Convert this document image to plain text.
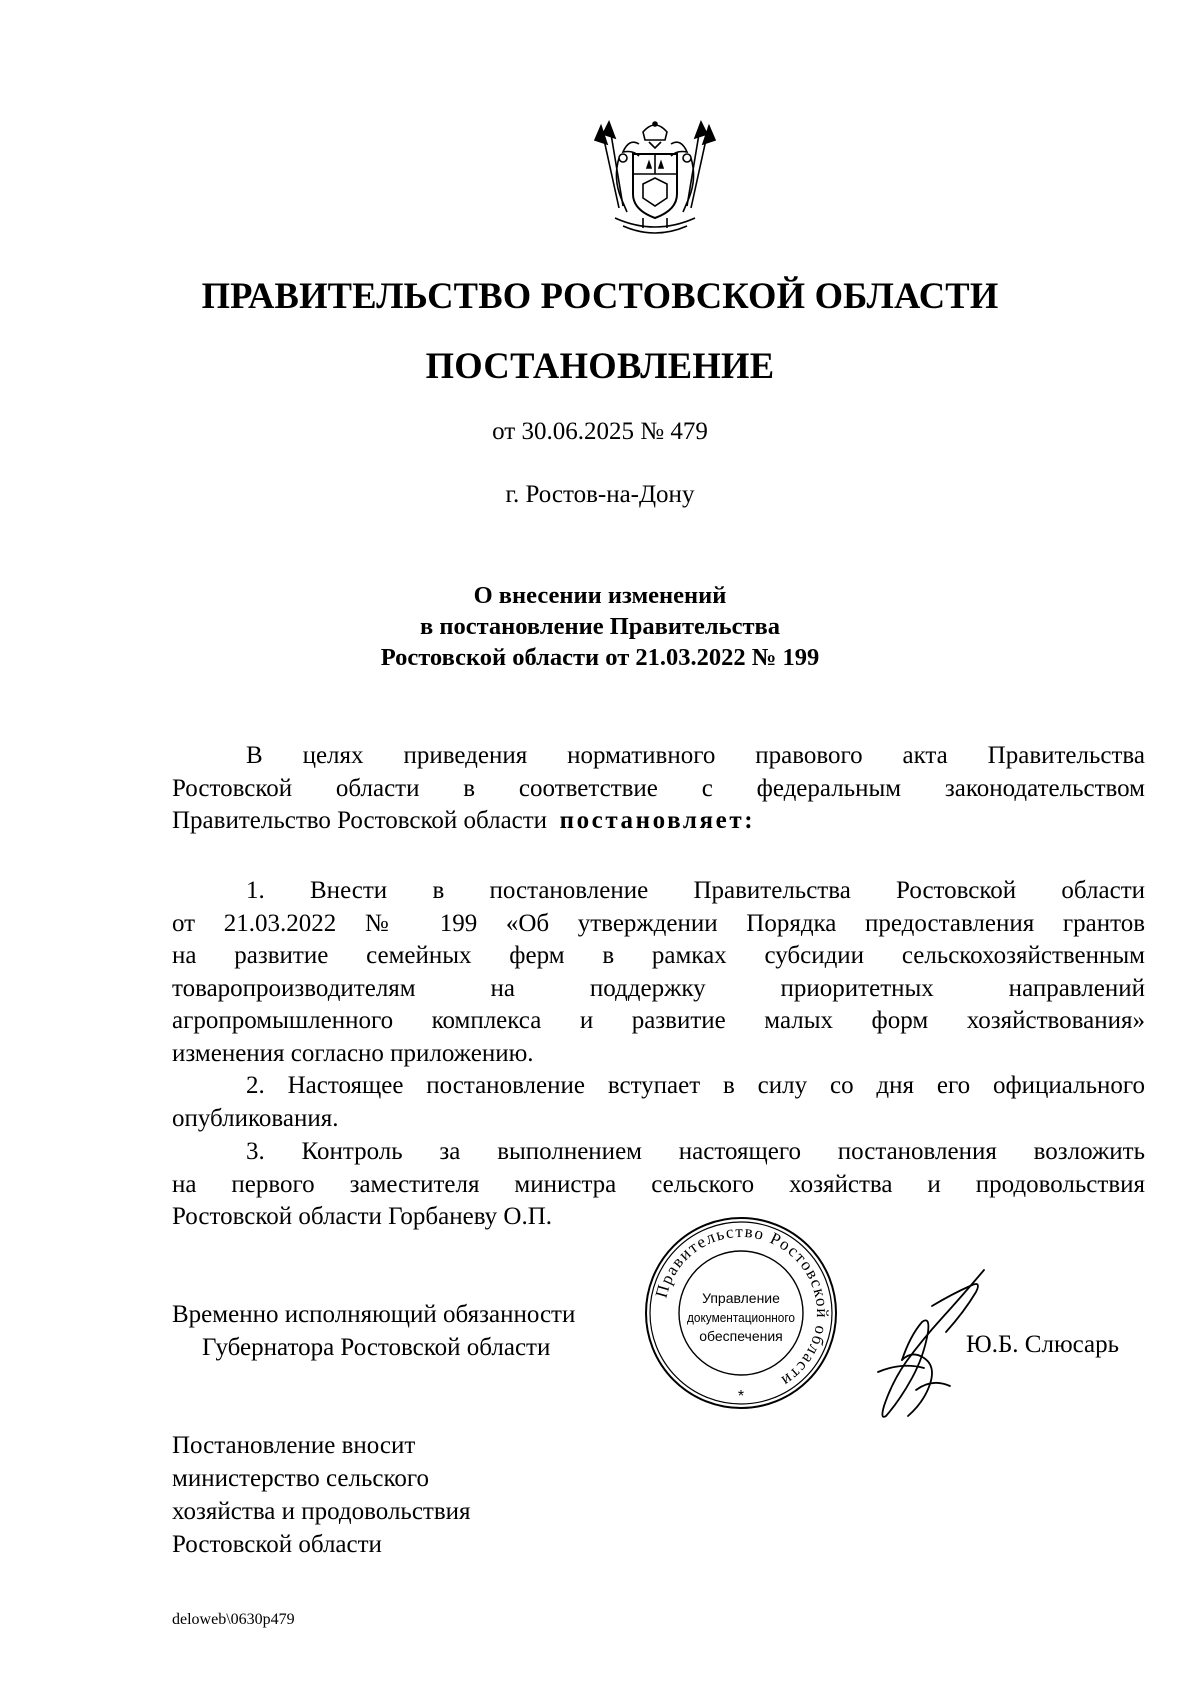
ПРАВИТЕЛЬСТВО РОСТОВСКОЙ ОБЛАСТИ
ПОСТАНОВЛЕНИЕ
от 30.06.2025 № 479
г. Ростов-на-Дону
О внесении изменений
в постановление Правительства
Ростовской области от 21.03.2022 № 199
В целях приведения нормативного правового акта Правительства
Ростовской области в соответствие с федеральным законодательством
Правительство Ростовской области постановляет:
1. Внести в постановление Правительства Ростовской области
от 21.03.2022 № 199 «Об утверждении Порядка предоставления грантов
на развитие семейных ферм в рамках субсидии сельскохозяйственным
товаропроизводителям на поддержку приоритетных направлений
агропромышленного комплекса и развитие малых форм хозяйствования»
изменения согласно приложению.
2. Настоящее постановление вступает в силу со дня его официального
опубликования.
3. Контроль за выполнением настоящего постановления возложить
на первого заместителя министра сельского хозяйства и продовольствия
Ростовской области Горбаневу О.П.
Временно исполняющий обязанности
Губернатора Ростовской области
Правительство Ростовской области
Управление
документационного
обеспечения
*
Ю.Б. Слюсарь
Постановление вносит
министерство сельского
хозяйства и продовольствия
Ростовской области
deloweb\0630p479
